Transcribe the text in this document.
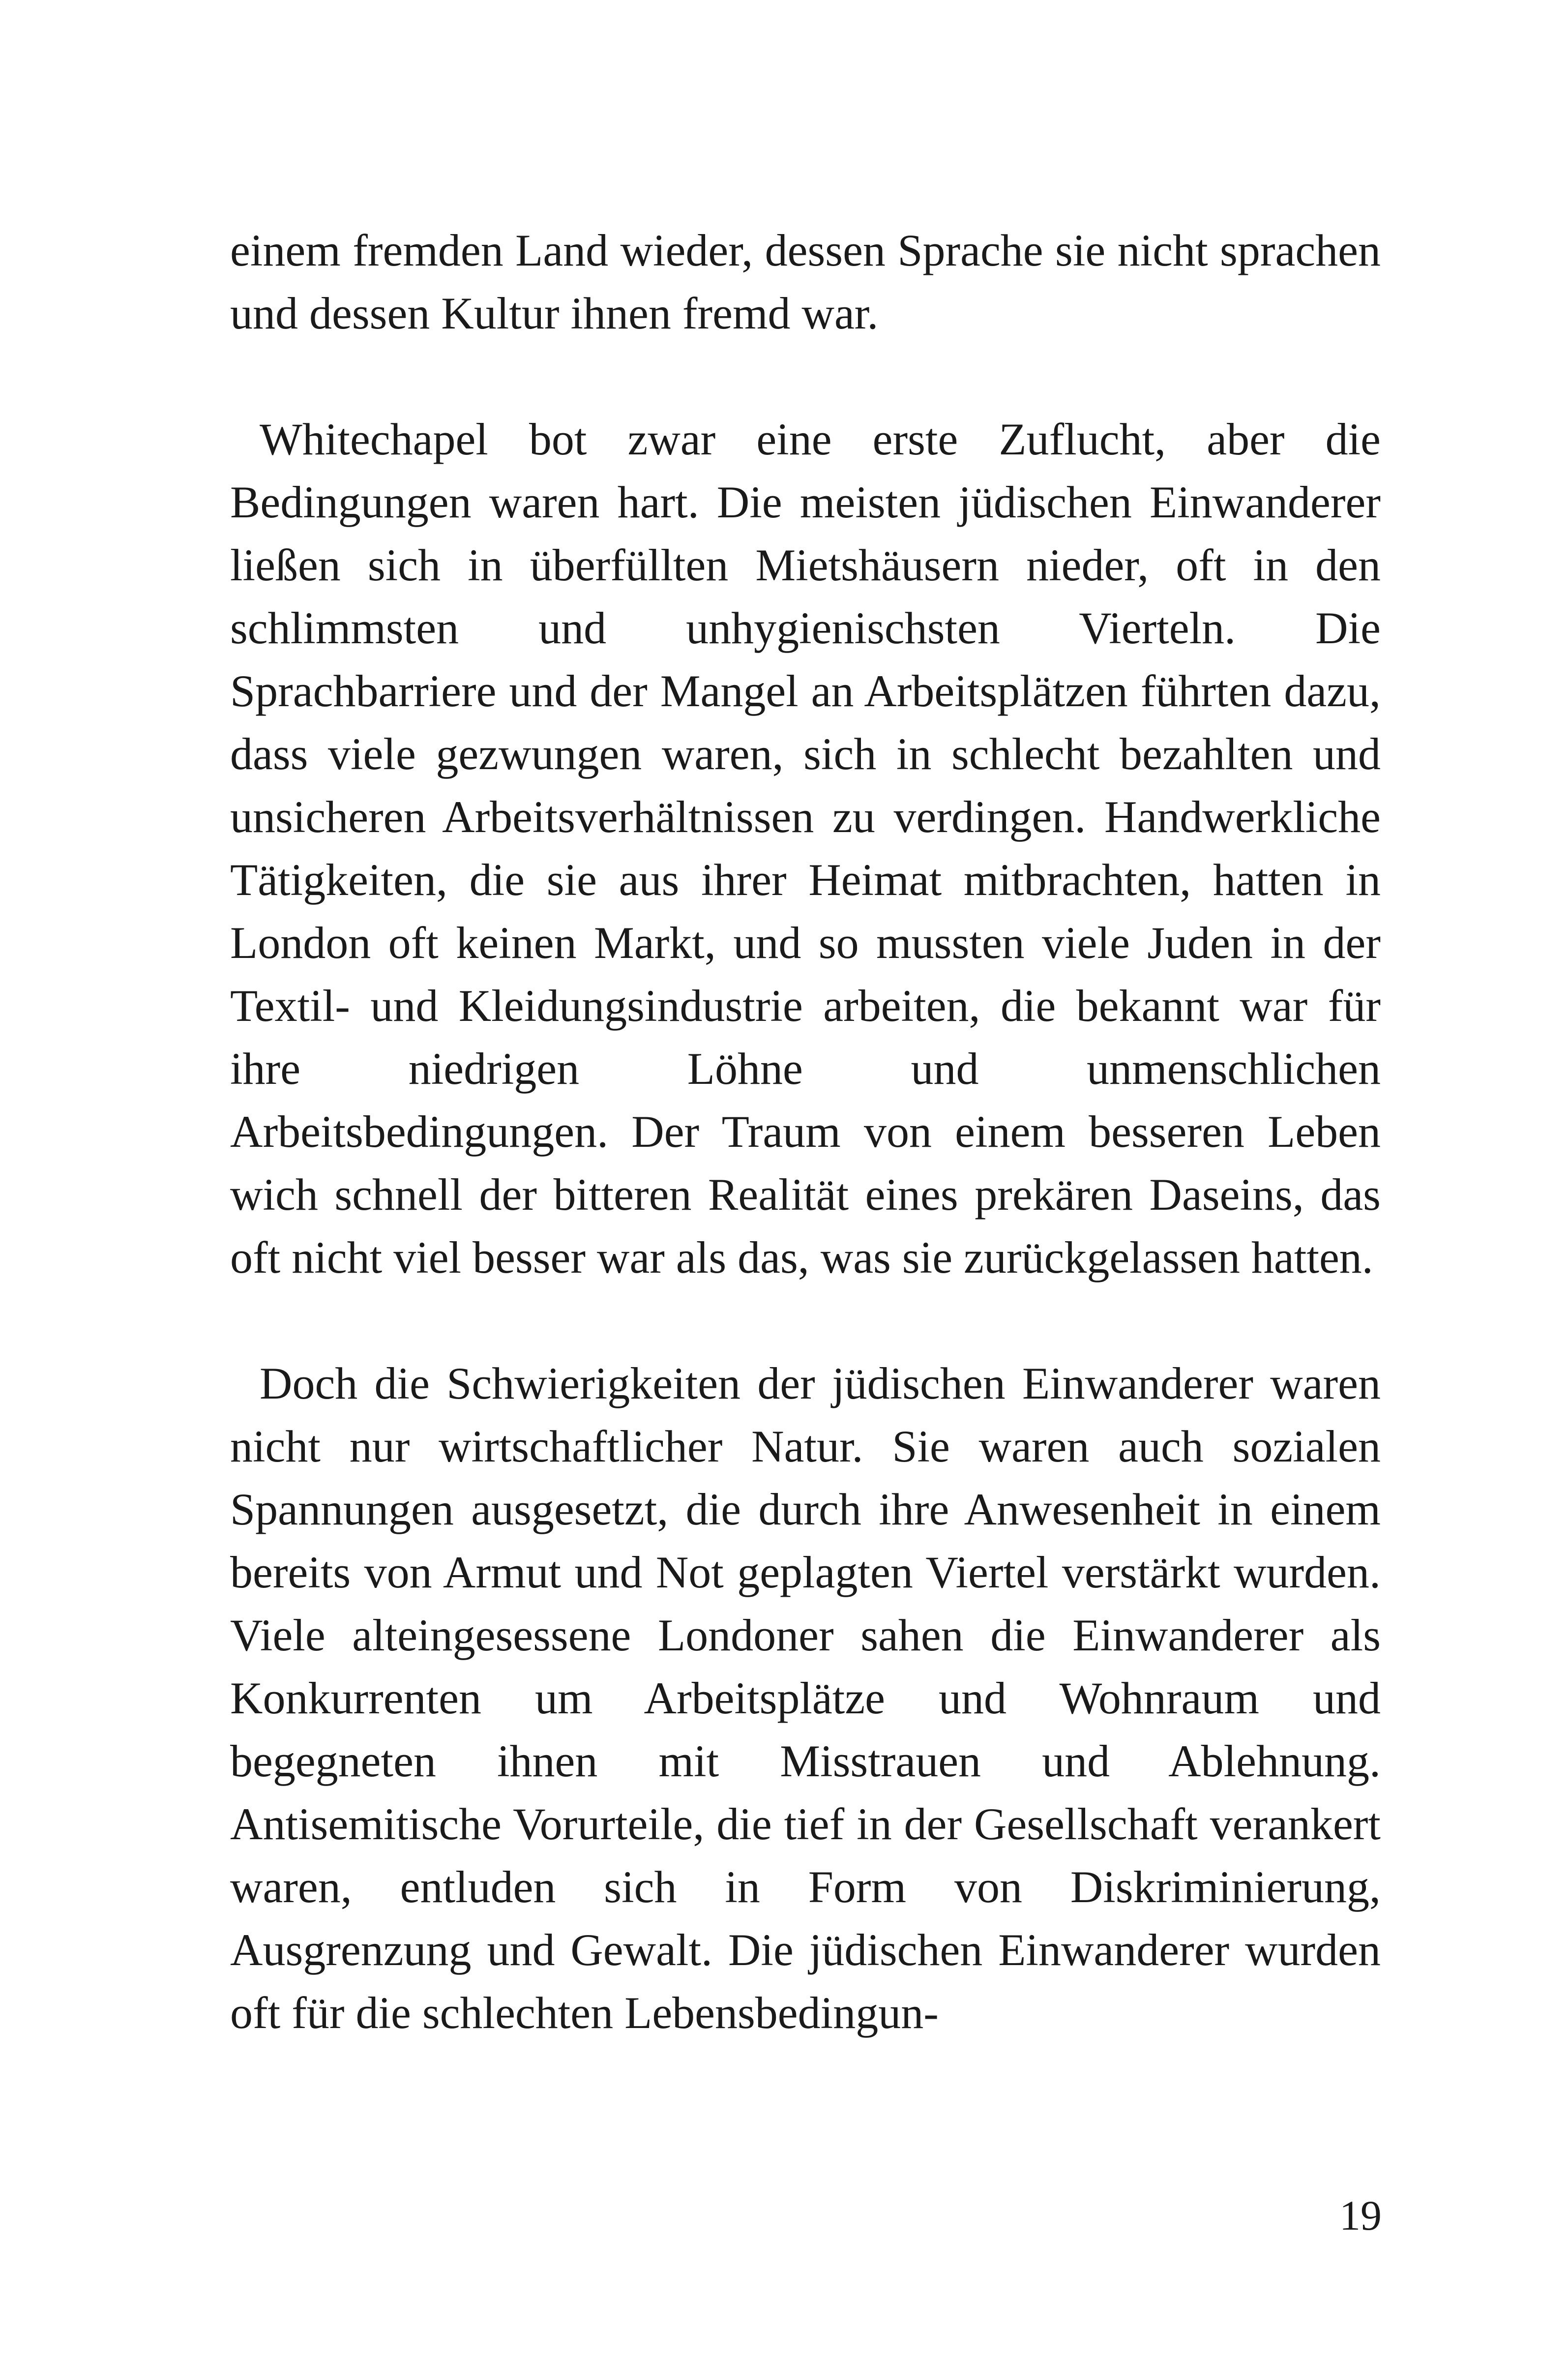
einem fremden Land wieder, dessen Sprache sie nicht sprachen und dessen Kultur ihnen fremd war.

Whitechapel bot zwar eine erste Zuflucht, aber die Bedingungen waren hart. Die meisten jüdischen Einwanderer ließen sich in überfüllten Mietshäusern nieder, oft in den schlimmsten und unhygienischsten Vierteln. Die Sprachbarriere und der Mangel an Arbeitsplätzen führten dazu, dass viele gezwungen waren, sich in schlecht bezahlten und unsicheren Arbeitsverhältnissen zu verdingen. Handwerkliche Tätigkeiten, die sie aus ihrer Heimat mitbrachten, hatten in London oft keinen Markt, und so mussten viele Juden in der Textil- und Kleidungsindustrie arbeiten, die bekannt war für ihre niedrigen Löhne und unmenschlichen Arbeitsbedingungen. Der Traum von einem besseren Leben wich schnell der bitteren Realität eines prekären Daseins, das oft nicht viel besser war als das, was sie zurückgelassen hatten.

Doch die Schwierigkeiten der jüdischen Einwanderer waren nicht nur wirtschaftlicher Natur. Sie waren auch sozialen Spannungen ausgesetzt, die durch ihre Anwesenheit in einem bereits von Armut und Not geplagten Viertel verstärkt wurden. Viele alteingesessene Londoner sahen die Einwanderer als Konkurrenten um Arbeitsplätze und Wohnraum und begegneten ihnen mit Misstrauen und Ablehnung. Antisemitische Vorurteile, die tief in der Gesellschaft verankert waren, entluden sich in Form von Diskriminierung, Ausgrenzung und Gewalt. Die jüdischen Einwanderer wurden oft für die schlechten Lebensbedingun-

19
